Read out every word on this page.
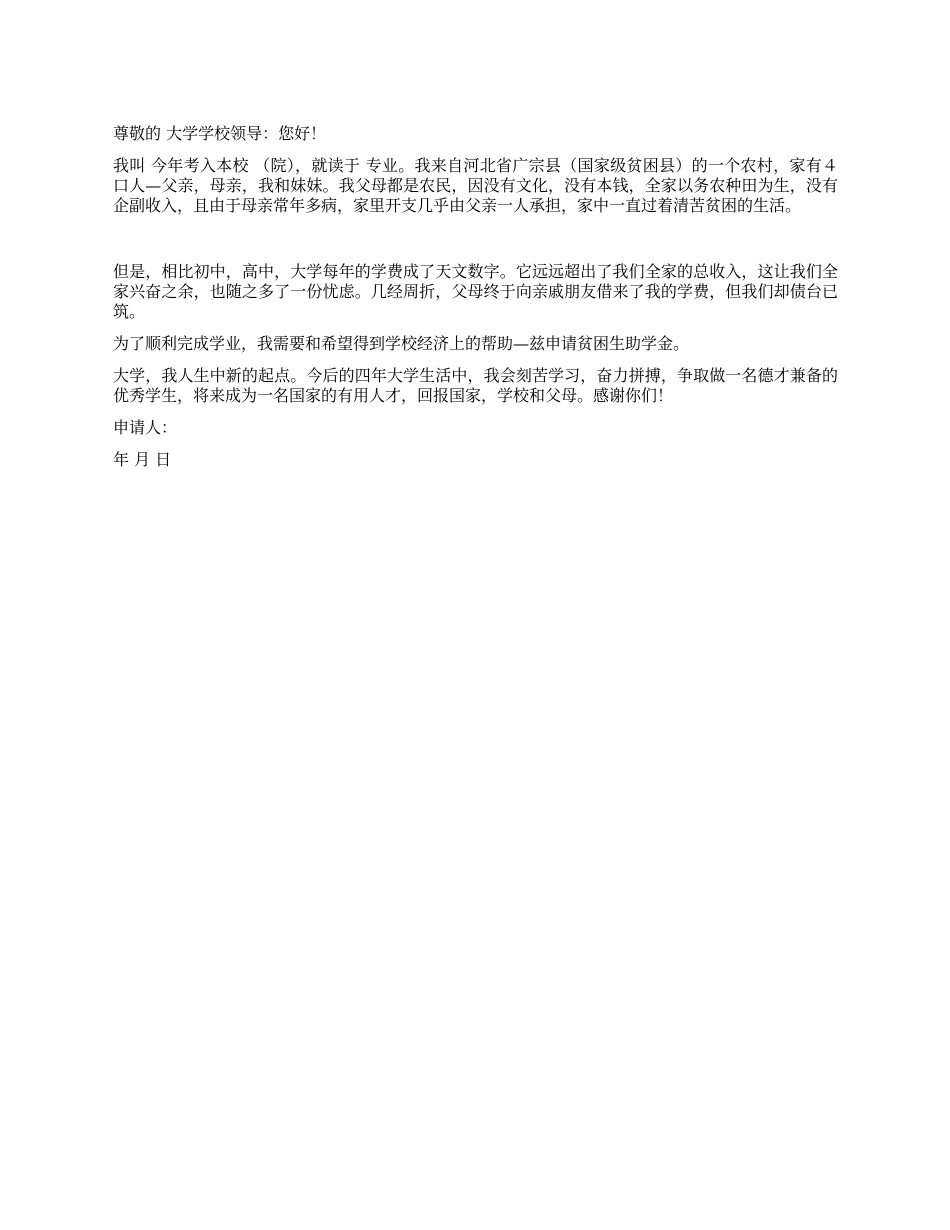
尊敬的 大学学校领导：您好！

我叫 今年考入本校 （院），就读于 专业。我来自河北省广宗县（国家级贫困县）的一个农村，家有４口人—父亲，母亲，我和妹妹。我父母都是农民，因没有文化，没有本钱，全家以务农种田为生，没有企副收入，且由于母亲常年多病，家里开支几乎由父亲一人承担，家中一直过着清苦贫困的生活。

但是，相比初中，高中，大学每年的学费成了天文数字。它远远超出了我们全家的总收入，这让我们全家兴奋之余，也随之多了一份忧虑。几经周折，父母终于向亲戚朋友借来了我的学费，但我们却债台已筑。

为了顺利完成学业，我需要和希望得到学校经济上的帮助—兹申请贫困生助学金。

大学，我人生中新的起点。今后的四年大学生活中，我会刻苦学习，奋力拼搏，争取做一名德才兼备的优秀学生，将来成为一名国家的有用人才，回报国家，学校和父母。感谢你们！

申请人：

年 月 日
